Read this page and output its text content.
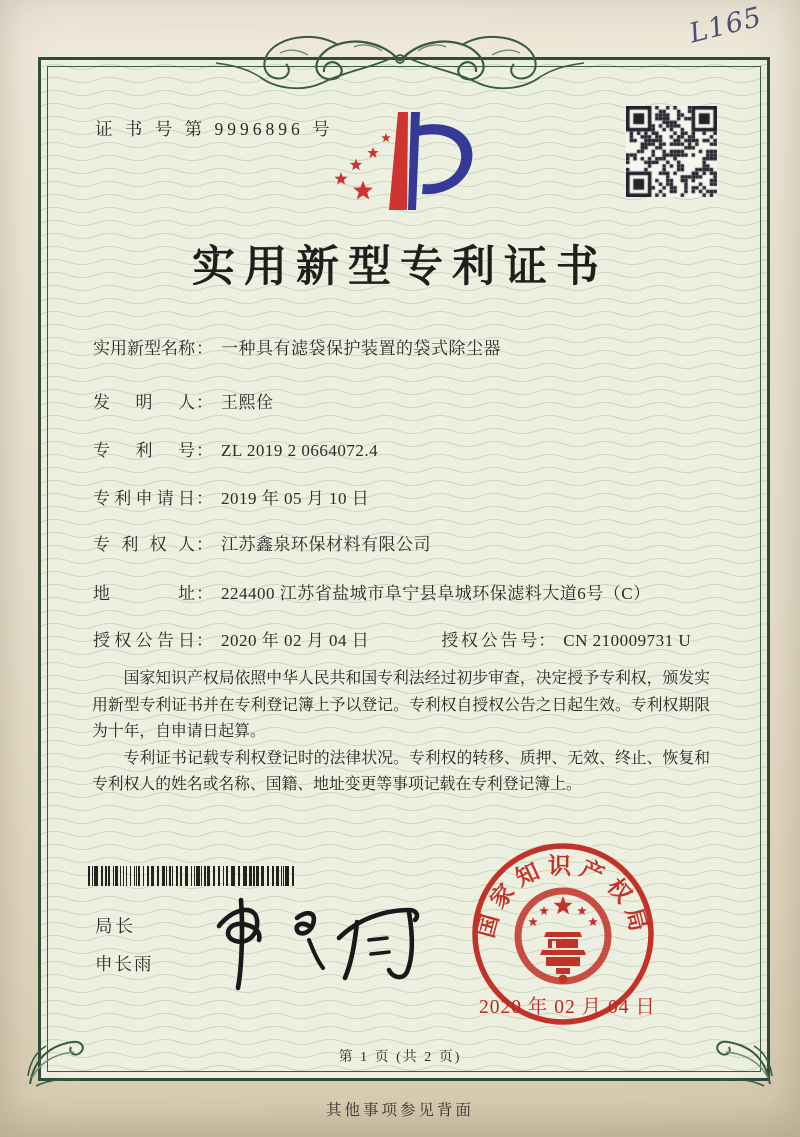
L165
证 书 号 第 9996896 号
实用新型专利证书
实用新型名称 ： 一种具有滤袋保护装置的袋式除尘器
发明人 ： 王熙佺
专利号 ： ZL 2019 2 0664072.4
专利申请日 ： 2019 年 05 月 10 日
专利权人 ： 江苏鑫泉环保材料有限公司
地址 ： 224400 江苏省盐城市阜宁县阜城环保滤料大道6号（C）
授权公告日 ： 2020 年 02 月 04 日	授权公告号 ： CN 210009731 U

国家知识产权局依照中华人民共和国专利法经过初步审查，决定授予专利权，颁发实用新型专利证书并在专利登记簿上予以登记。专利权自授权公告之日起生效。专利权期限为十年，自申请日起算。

专利证书记载专利权登记时的法律状况。专利权的转移、质押、无效、终止、恢复和专利权人的姓名或名称、国籍、地址变更等事项记载在专利登记簿上。

局长
申长雨
国家知识产权局
2020 年 02 月 04 日
第 1 页 (共 2 页)
其他事项参见背面
